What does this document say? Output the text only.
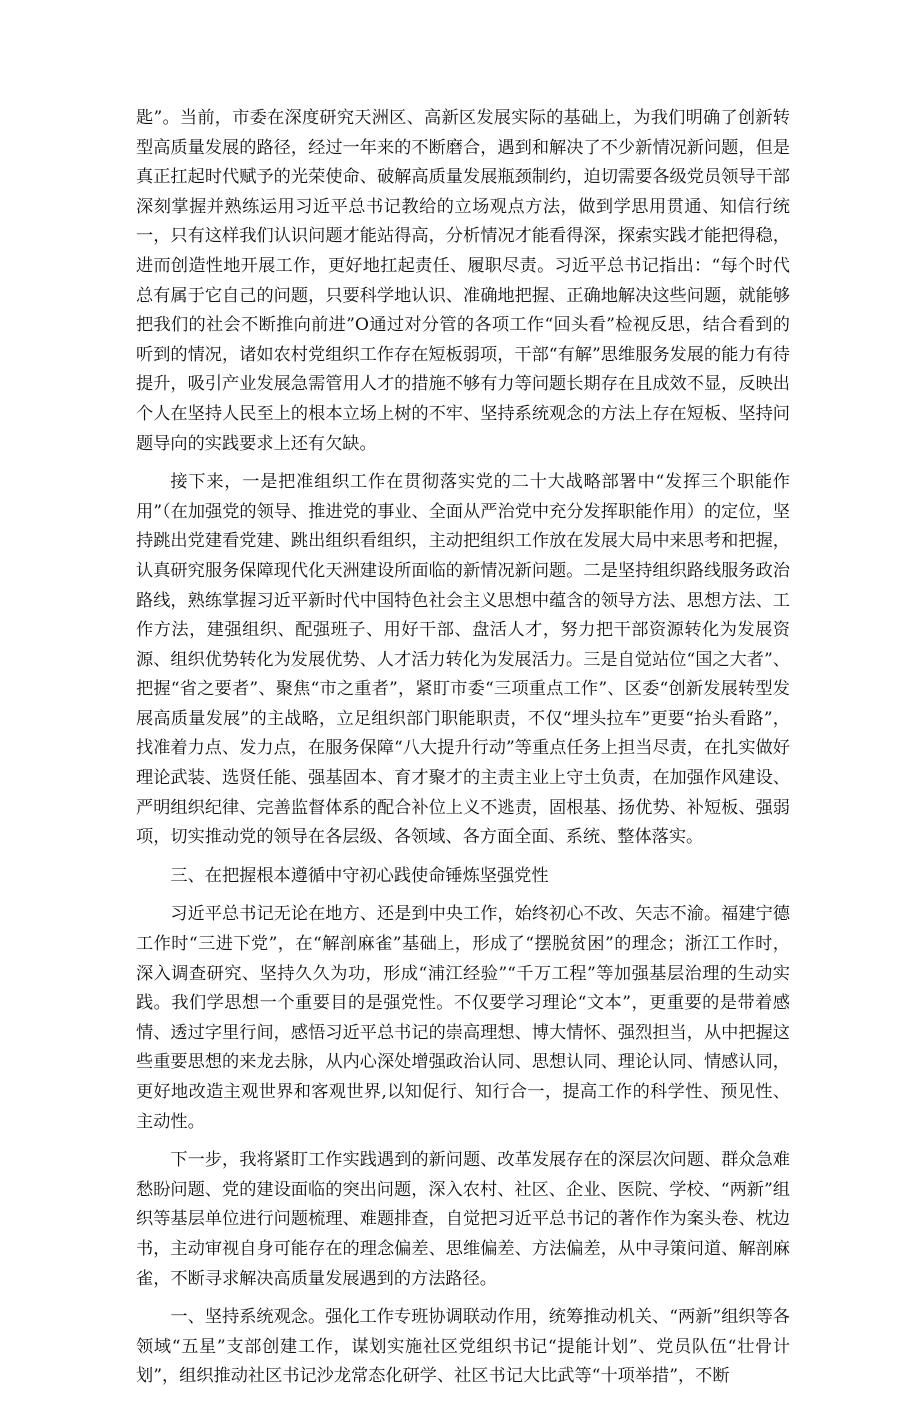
匙”。当前，市委在深度研究天洲区、高新区发展实际的基础上，为我们明确了创新转型高质量发展的路径，经过一年来的不断磨合，遇到和解决了不少新情况新问题，但是真正扛起时代赋予的光荣使命、破解高质量发展瓶颈制约，迫切需要各级党员领导干部深刻掌握并熟练运用习近平总书记教给的立场观点方法，做到学思用贯通、知信行统一，只有这样我们认识问题才能站得高，分析情况才能看得深，探索实践才能把得稳，进而创造性地开展工作，更好地扛起责任、履职尽责。习近平总书记指出：“每个时代总有属于它自己的问题，只要科学地认识、准确地把握、正确地解决这些问题，就能够把我们的社会不断推向前进”O通过对分管的各项工作“回头看”检视反思，结合看到的听到的情况，诸如农村党组织工作存在短板弱项，干部“有解”思维服务发展的能力有待提升，吸引产业发展急需管用人才的措施不够有力等问题长期存在且成效不显，反映出个人在坚持人民至上的根本立场上树的不牢、坚持系统观念的方法上存在短板、坚持问题导向的实践要求上还有欠缺。

接下来，一是把准组织工作在贯彻落实党的二十大战略部署中“发挥三个职能作用”（在加强党的领导、推进党的事业、全面从严治党中充分发挥职能作用）的定位，坚持跳出党建看党建、跳出组织看组织，主动把组织工作放在发展大局中来思考和把握，认真研究服务保障现代化天洲建设所面临的新情况新问题。二是坚持组织路线服务政治路线，熟练掌握习近平新时代中国特色社会主义思想中蕴含的领导方法、思想方法、工作方法，建强组织、配强班子、用好干部、盘活人才，努力把干部资源转化为发展资源、组织优势转化为发展优势、人才活力转化为发展活力。三是自觉站位“国之大者”、把握“省之要者”、聚焦“市之重者”，紧盯市委“三项重点工作”、区委“创新发展转型发展高质量发展”的主战略，立足组织部门职能职责，不仅“埋头拉车”更要“抬头看路”，找准着力点、发力点，在服务保障“八大提升行动”等重点任务上担当尽责，在扎实做好理论武装、选贤任能、强基固本、育才聚才的主责主业上守土负责，在加强作风建设、严明组织纪律、完善监督体系的配合补位上义不逃责，固根基、扬优势、补短板、强弱项，切实推动党的领导在各层级、各领域、各方面全面、系统、整体落实。

三、在把握根本遵循中守初心践使命锤炼坚强党性

习近平总书记无论在地方、还是到中央工作，始终初心不改、矢志不渝。福建宁德工作时“三进下党”，在“解剖麻雀”基础上，形成了“摆脱贫困”的理念；浙江工作时，深入调查研究、坚持久久为功，形成“浦江经验”“千万工程”等加强基层治理的生动实践。我们学思想一个重要目的是强党性。不仅要学习理论“文本”，更重要的是带着感情、透过字里行间，感悟习近平总书记的崇高理想、博大情怀、强烈担当，从中把握这些重要思想的来龙去脉，从内心深处增强政治认同、思想认同、理论认同、情感认同，更好地改造主观世界和客观世界,以知促行、知行合一，提高工作的科学性、预见性、主动性。

下一步，我将紧盯工作实践遇到的新问题、改革发展存在的深层次问题、群众急难愁盼问题、党的建设面临的突出问题，深入农村、社区、企业、医院、学校、“两新”组织等基层单位进行问题梳理、难题排查，自觉把习近平总书记的著作作为案头卷、枕边书，主动审视自身可能存在的理念偏差、思维偏差、方法偏差，从中寻策问道、解剖麻雀，不断寻求解决高质量发展遇到的方法路径。

一、坚持系统观念。强化工作专班协调联动作用，统筹推动机关、“两新”组织等各领域“五星”支部创建工作，谋划实施社区党组织书记“提能计划”、党员队伍“壮骨计划”，组织推动社区书记沙龙常态化研学、社区书记大比武等“十项举措”，不断
